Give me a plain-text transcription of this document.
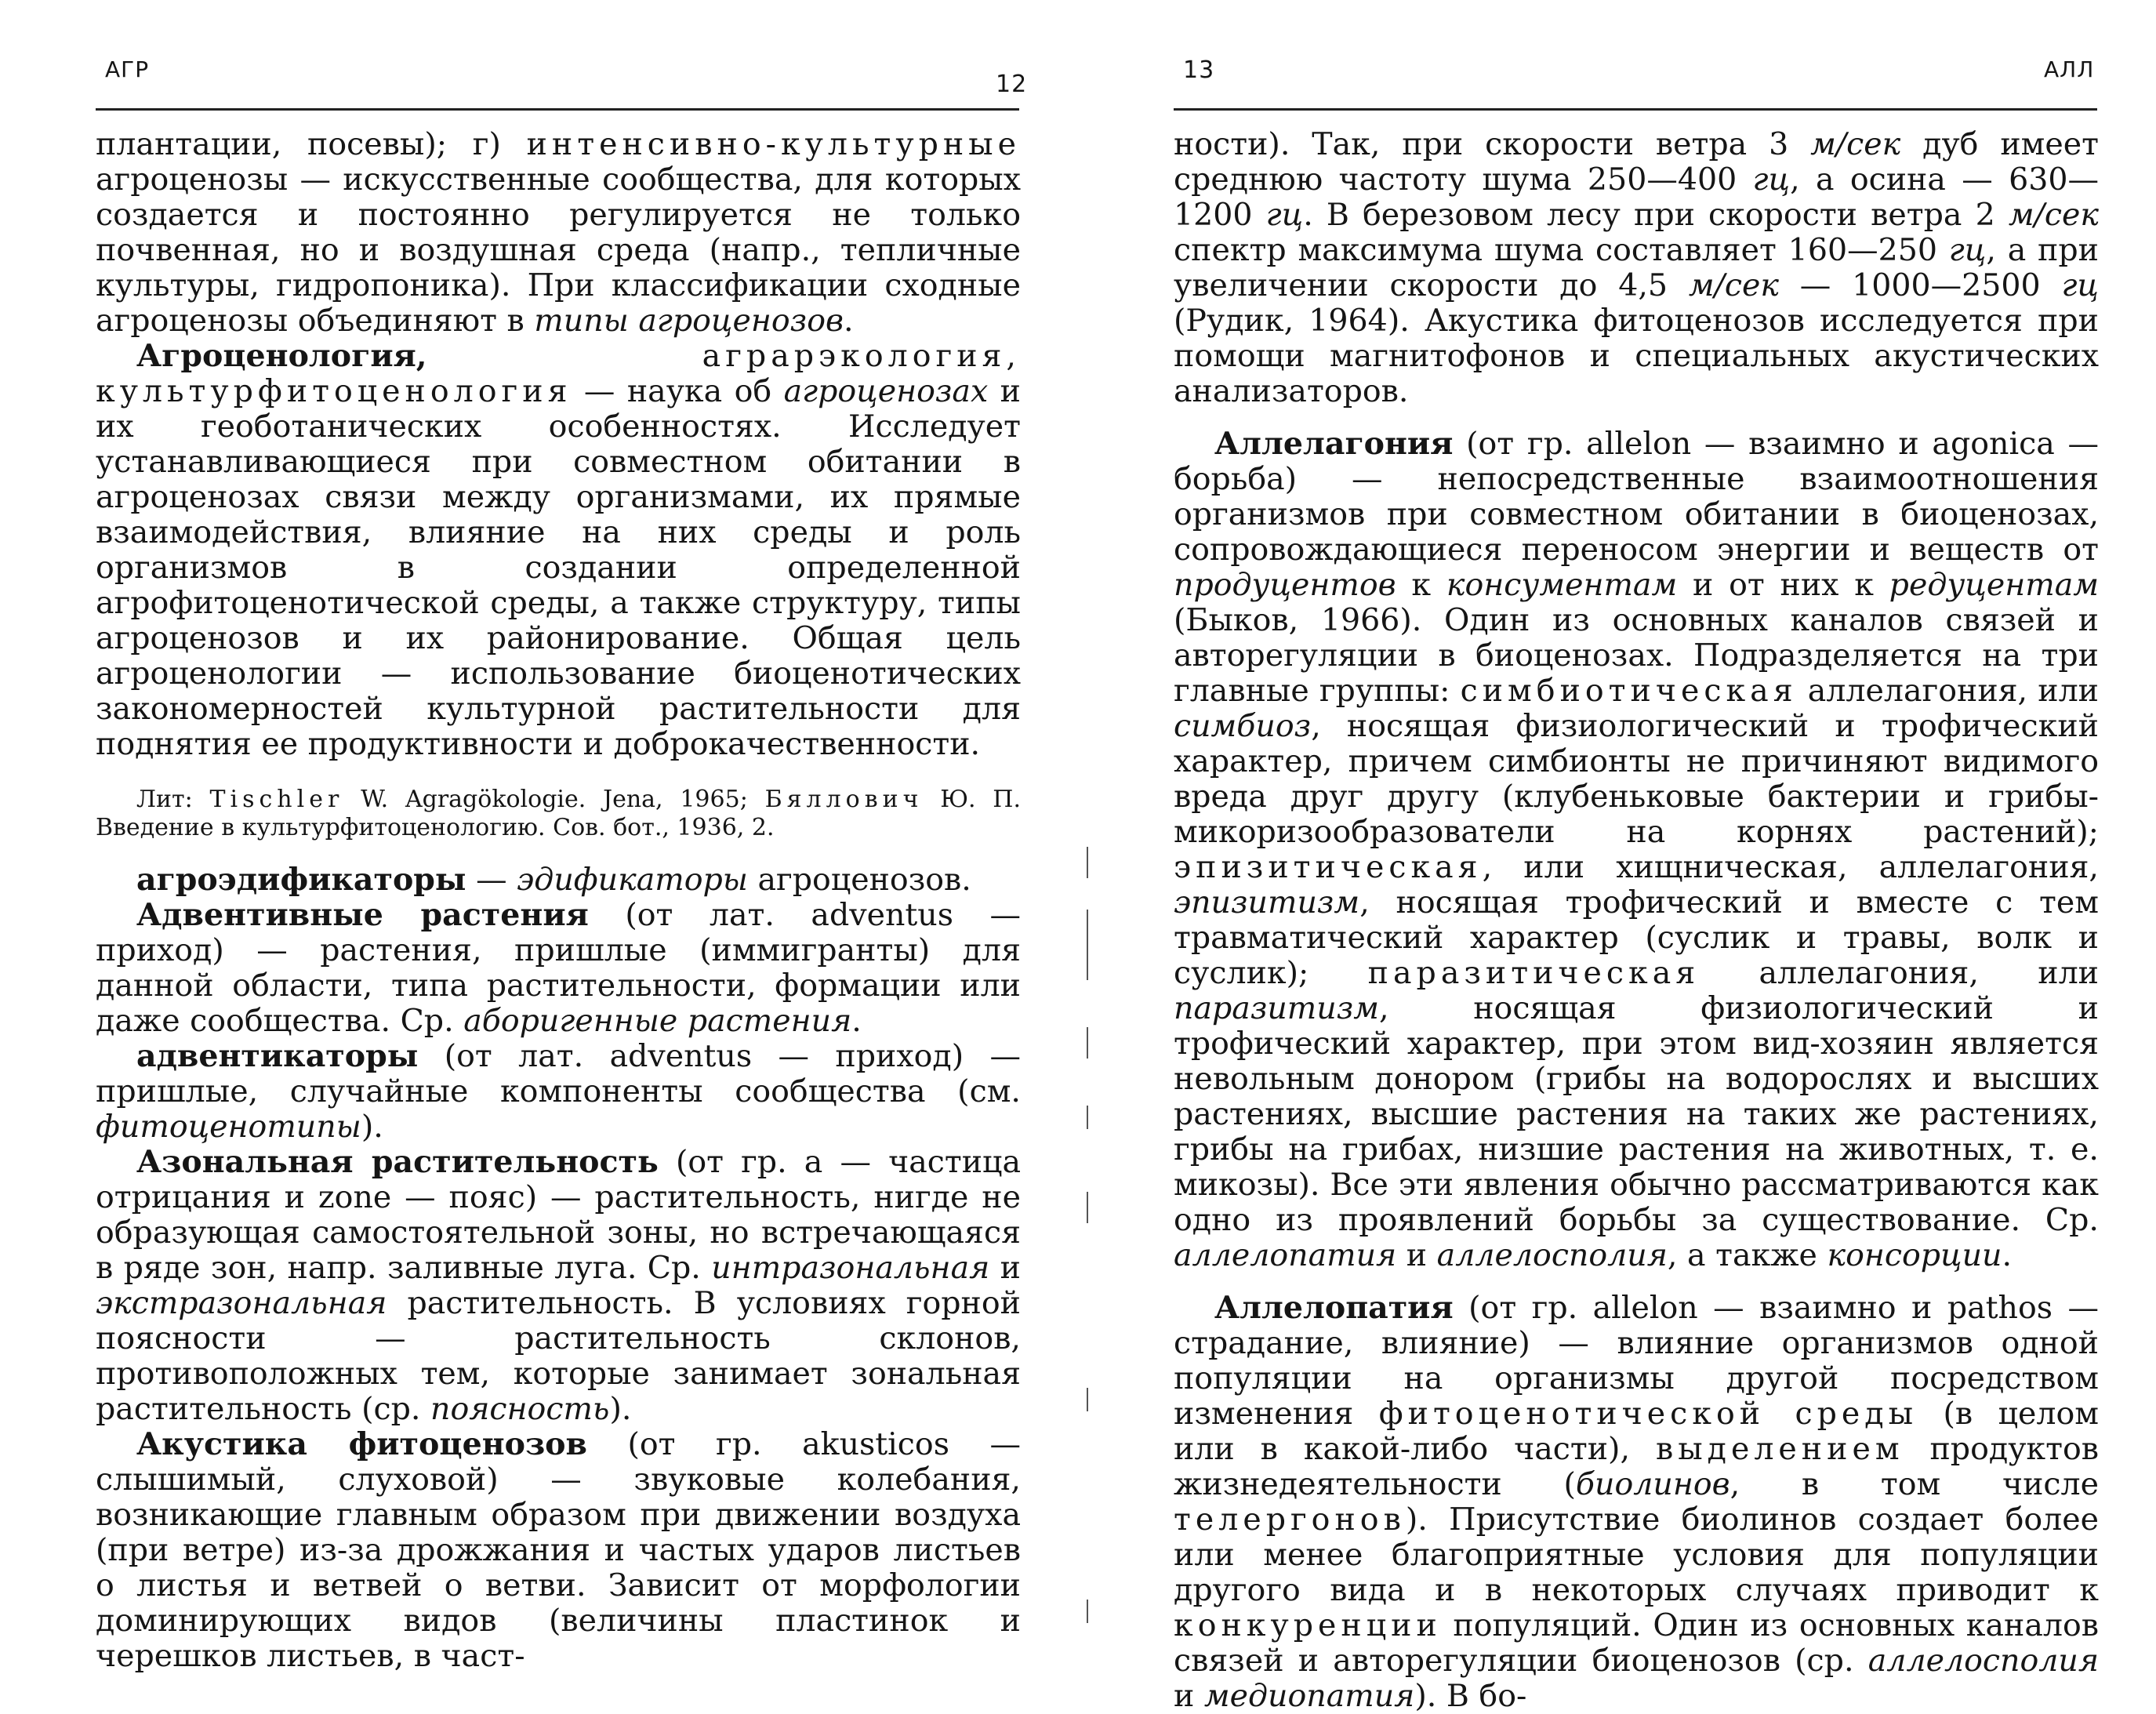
АГР
12

плантации, посевы); г) интенсивно-культурные агроценозы — искусственные сообщества, для которых создается и постоянно регулируется не только почвенная, но и воздушная среда (напр., тепличные культуры, гидропоника). При классификации сходные агроценозы объединяют в типы агроценозов.

Агроценология, аграрэкология, культурфитоценология — наука об агроценозах и их геоботанических особенностях. Исследует устанавливающиеся при совместном обитании в агроценозах связи между организмами, их прямые взаимодействия, влияние на них среды и роль организмов в создании определенной агрофитоценотической среды, а также структуру, типы агроценозов и их районирование. Общая цель агроценологии — использование биоценотических закономерностей культурной растительности для поднятия ее продуктивности и доброкачественности.

Лит: Tischler W. Agragökologie. Jena, 1965; Бяллович Ю. П. Введение в культурфитоценологию. Сов. бот., 1936, 2.

агроэдификаторы — эдификаторы агроценозов.

Адвентивные растения (от лат. adventus — приход) — растения, пришлые (иммигранты) для данной области, типа растительности, формации или даже сообщества. Ср. аборигенные растения.

адвентикаторы (от лат. adventus — приход) — пришлые, случайные компоненты сообщества (см. фитоценотипы).

Азональная растительность (от гр. a — частица отрицания и zone — пояс) — растительность, нигде не образующая самостоятельной зоны, но встречающаяся в ряде зон, напр. заливные луга. Ср. интразональная и экстразональная растительность. В условиях горной поясности — растительность склонов, противоположных тем, которые занимает зональная растительность (ср. поясность).

Акустика фитоценозов (от гр. akusticos — слышимый, слуховой) — звуковые колебания, возникающие главным образом при движении воздуха (при ветре) из-за дрожжания и частых ударов листьев о листья и ветвей о ветви. Зависит от морфологии доминирующих видов (величины пластинок и черешков листьев, в част-

13	АЛЛ

ности). Так, при скорости ветра 3 м/сек дуб имеет среднюю частоту шума 250—400 гц, а осина — 630—1200 гц. В березовом лесу при скорости ветра 2 м/сек спектр максимума шума составляет 160—250 гц, а при увеличении скорости до 4,5 м/сек — 1000—2500 гц (Рудик, 1964). Акустика фитоценозов исследуется при помощи магнитофонов и специальных акустических анализаторов.

Аллелагония (от гр. allelon — взаимно и agonica — борьба) — непосредственные взаимоотношения организмов при совместном обитании в биоценозах, сопровождающиеся переносом энергии и веществ от продуцентов к консументам и от них к редуцентам (Быков, 1966). Один из основных каналов связей и авторегуляции в биоценозах. Подразделяется на три главные группы: симбиотическая аллелагония, или симбиоз, носящая физиологический и трофический характер, причем симбионты не причиняют видимого вреда друг другу (клубеньковые бактерии и грибы-микоризообразователи на корнях растений); эпизитическая, или хищническая, аллелагония, эпизитизм, носящая трофический и вместе с тем травматический характер (суслик и травы, волк и суслик); паразитическая аллелагония, или паразитизм, носящая физиологический и трофический характер, при этом вид-хозяин является невольным донором (грибы на водорослях и высших растениях, высшие растения на таких же растениях, грибы на грибах, низшие растения на животных, т. е. микозы). Все эти явления обычно рассматриваются как одно из проявлений борьбы за существование. Ср. аллелопатия и аллелосполия, а также консорции.

Аллелопатия (от гр. allelon — взаимно и pathos — страдание, влияние) — влияние организмов одной популяции на организмы другой посредством изменения фитоценотической среды (в целом или в какой-либо части), выделением продуктов жизнедеятельности (биолинов, в том числе телергонов). Присутствие биолинов создает более или менее благоприятные условия для популяции другого вида и в некоторых случаях приводит к конкуренции популяций. Один из основных каналов связей и авторегуляции биоценозов (ср. аллелосполия и медиопатия). В бо-
